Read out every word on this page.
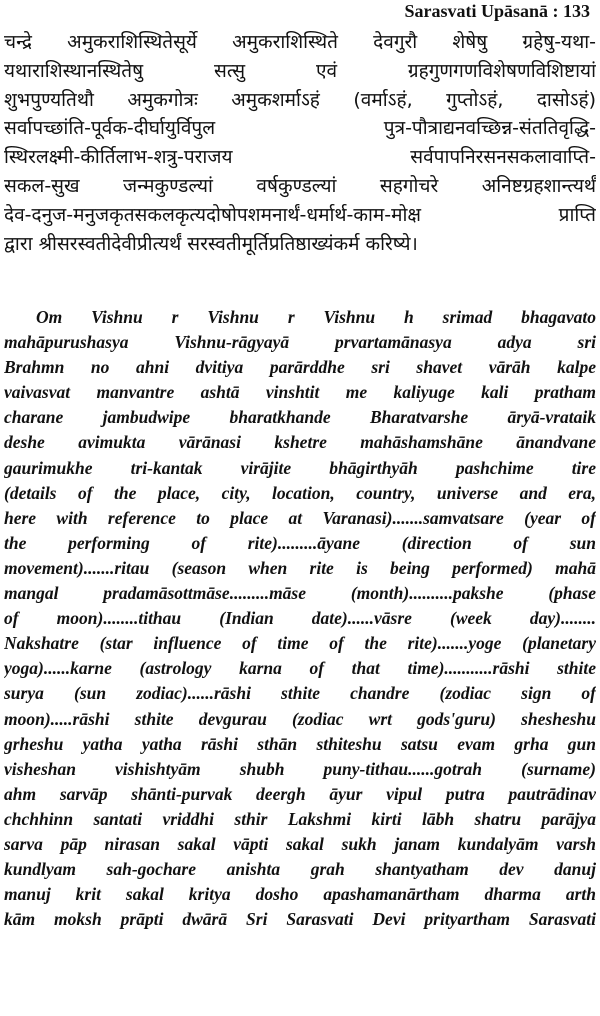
Sarasvati Upāsanā : 133
चन्द्रे अमुकराशिस्थितेसूर्ये अमुकराशिस्थिते देवगुरौ शेषेषु ग्रहेषु-यथा-
यथाराशिस्थानस्थितेषु सत्सु एवं ग्रहगुणगणविशेषणविशिष्टायां
शुभपुण्यतिथौ अमुकगोत्रः अमुकशर्माऽहं (वर्माऽहं, गुप्तोऽहं, दासोऽहं)
सर्वापच्छांति-पूर्वक-दीर्घायुर्विपुल पुत्र-पौत्राद्यनवच्छिन्न-संततिवृद्धि-
स्थिरलक्ष्मी-कीर्तिलाभ-शत्रु-पराजय सर्वपापनिरसनसकलावाप्ति-
सकल-सुख जन्मकुण्डल्यां वर्षकुण्डल्यां सहगोचरे अनिष्टग्रहशान्त्यर्थं
देव-दनुज-मनुजकृतसकलकृत्यदोषोपशमनार्थं-धर्मार्थ-काम-मोक्ष प्राप्ति
द्वारा श्रीसरस्वतीदेवीप्रीत्यर्थं सरस्वतीमूर्तिप्रतिष्ठाख्यंकर्म करिष्ये।
Om Vishnu r Vishnu r Vishnu h srimad bhagavato
mahāpurushasya Vishnu-rāgyayā prvartamānasya adya sri
Brahmn no ahni dvitiya parārddhe sri shavet vārāh kalpe
vaivasvat manvantre ashtā vinshtit me kaliyuge kali pratham
charane jambudwipe bharatkhande Bharatvarshe āryā-vrataik
deshe avimukta vārānasi kshetre mahāshamshāne ānandvane
gaurimukhe tri-kantak virājite bhāgirthyāh pashchime tire
(details of the place, city, location, country, universe and era,
here with reference to place at Varanasi).......samvatsare (year of
the performing of rite).........āyane (direction of sun
movement).......ritau (season when rite is being performed) mahā
mangal pradamāsottmāse.........māse (month)..........pakshe (phase
of moon)........tithau (Indian date)......vāsre (week day)........
Nakshatre (star influence of time of the rite).......yoge (planetary
yoga)......karne (astrology karna of that time)...........rāshi sthite
surya (sun zodiac)......rāshi sthite chandre (zodiac sign of
moon).....rāshi sthite devgurau (zodiac wrt gods'guru) shesheshu
grheshu yatha yatha rāshi sthān sthiteshu satsu evam grha gun
visheshan vishishtyām shubh puny-tithau......gotrah (surname)
ahm sarvāp shānti-purvak deergh āyur vipul putra pautrādinav
chchhinn santati vriddhi sthir Lakshmi kirti lābh shatru parājya
sarva pāp nirasan sakal vāpti sakal sukh janam kundalyām varsh
kundlyam sah-gochare anishta grah shantyatham dev danuj
manuj krit sakal kritya dosho apashamanārtham dharma arth
kām moksh prāpti dwārā Sri Sarasvati Devi prityartham Sarasvati
